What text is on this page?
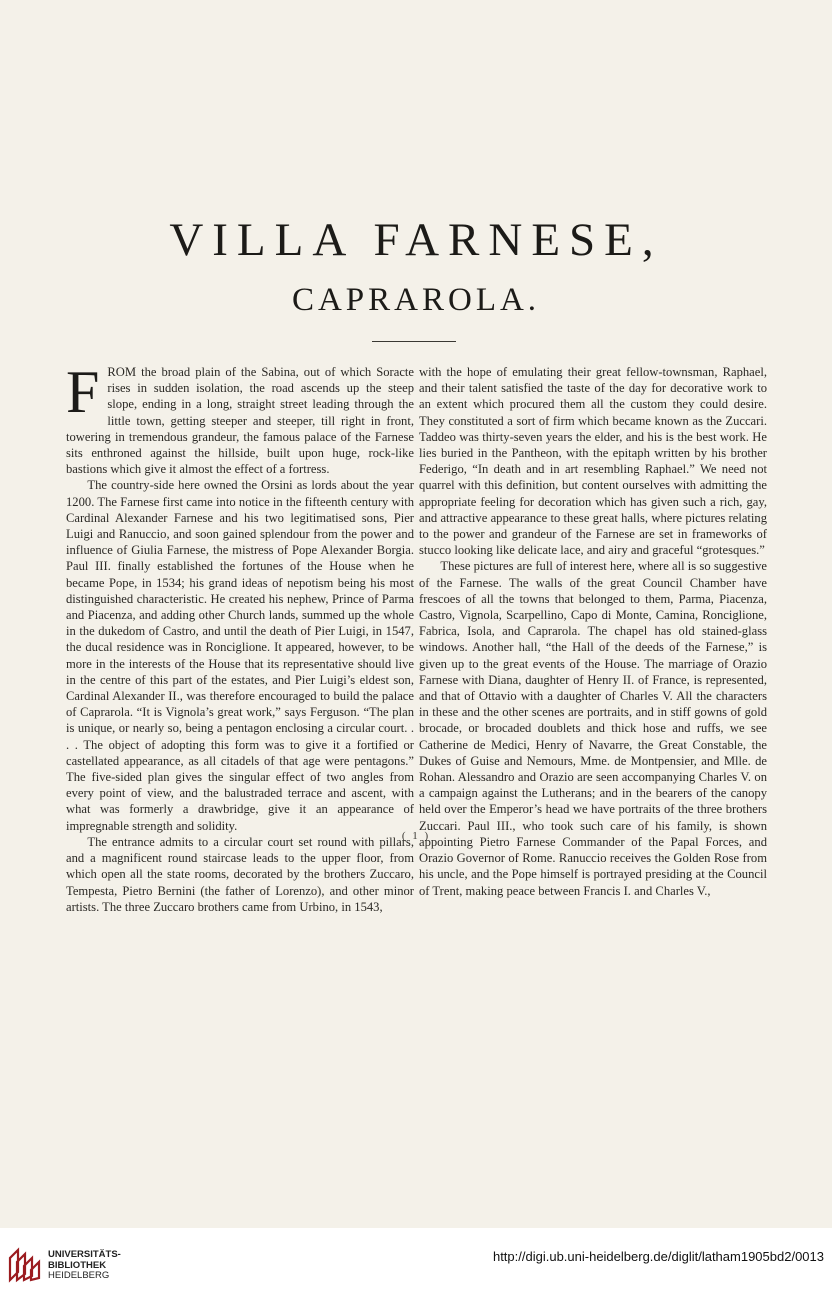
VILLA FARNESE,
CAPRAROLA.

FROM the broad plain of the Sabina, out of which Soracte rises in sudden isolation, the road ascends up the steep slope, ending in a long, straight street leading through the little town, getting steeper and steeper, till right in front, towering in tremendous grandeur, the famous palace of the Farnese sits enthroned against the hillside, built upon huge, rock-like bastions which give it almost the effect of a fortress.

The country-side here owned the Orsini as lords about the year 1200. The Farnese first came into notice in the fifteenth century with Cardinal Alexander Farnese and his two legitimatised sons, Pier Luigi and Ranuccio, and soon gained splendour from the power and influence of Giulia Farnese, the mistress of Pope Alexander Borgia. Paul III. finally established the fortunes of the House when he became Pope, in 1534; his grand ideas of nepotism being his most distinguished characteristic. He created his nephew, Prince of Parma and Piacenza, and adding other Church lands, summed up the whole in the dukedom of Castro, and until the death of Pier Luigi, in 1547, the ducal residence was in Ronciglione. It appeared, however, to be more in the interests of the House that its representative should live in the centre of this part of the estates, and Pier Luigi’s eldest son, Cardinal Alexander II., was therefore encouraged to build the palace of Caprarola. “It is Vignola’s great work,” says Ferguson. “The plan is unique, or nearly so, being a pentagon enclosing a circular court. . . . The object of adopting this form was to give it a fortified or castellated appearance, as all citadels of that age were pentagons.” The five-sided plan gives the singular effect of two angles from every point of view, and the balustraded terrace and ascent, with what was formerly a drawbridge, give it an appearance of impregnable strength and solidity.

The entrance admits to a circular court set round with pillars, and a magnificent round staircase leads to the upper floor, from which open all the state rooms, decorated by the brothers Zuccaro, Tempesta, Pietro Bernini (the father of Lorenzo), and other minor artists. The three Zuccaro brothers came from Urbino, in 1543,

with the hope of emulating their great fellow-townsman, Raphael, and their talent satisfied the taste of the day for decorative work to an extent which procured them all the custom they could desire. They constituted a sort of firm which became known as the Zuccari. Taddeo was thirty-seven years the elder, and his is the best work. He lies buried in the Pantheon, with the epitaph written by his brother Federigo, “In death and in art resembling Raphael.” We need not quarrel with this definition, but content ourselves with admitting the appropriate feeling for decoration which has given such a rich, gay, and attractive appearance to these great halls, where pictures relating to the power and grandeur of the Farnese are set in frameworks of stucco looking like delicate lace, and airy and graceful “grotesques.”

These pictures are full of interest here, where all is so suggestive of the Farnese. The walls of the great Council Chamber have frescoes of all the towns that belonged to them, Parma, Piacenza, Castro, Vignola, Scarpellino, Capo di Monte, Camina, Ronciglione, Fabrica, Isola, and Caprarola. The chapel has old stained-glass windows. Another hall, “the Hall of the deeds of the Farnese,” is given up to the great events of the House. The marriage of Orazio Farnese with Diana, daughter of Henry II. of France, is represented, and that of Ottavio with a daughter of Charles V. All the characters in these and the other scenes are portraits, and in stiff gowns of gold brocade, or brocaded doublets and thick hose and ruffs, we see Catherine de Medici, Henry of Navarre, the Great Constable, the Dukes of Guise and Nemours, Mme. de Montpensier, and Mlle. de Rohan. Alessandro and Orazio are seen accompanying Charles V. on a campaign against the Lutherans; and in the bearers of the canopy held over the Emperor’s head we have portraits of the three brothers Zuccari. Paul III., who took such care of his family, is shown appointing Pietro Farnese Commander of the Papal Forces, and Orazio Governor of Rome. Ranuccio receives the Golden Rose from his uncle, and the Pope himself is portrayed presiding at the Council of Trent, making peace between Francis I. and Charles V.,

( 1 )
UNIVERSITÄTS-
BIBLIOTHEK
HEIDELBERG
http://digi.ub.uni-heidelberg.de/diglit/latham1905bd2/0013
